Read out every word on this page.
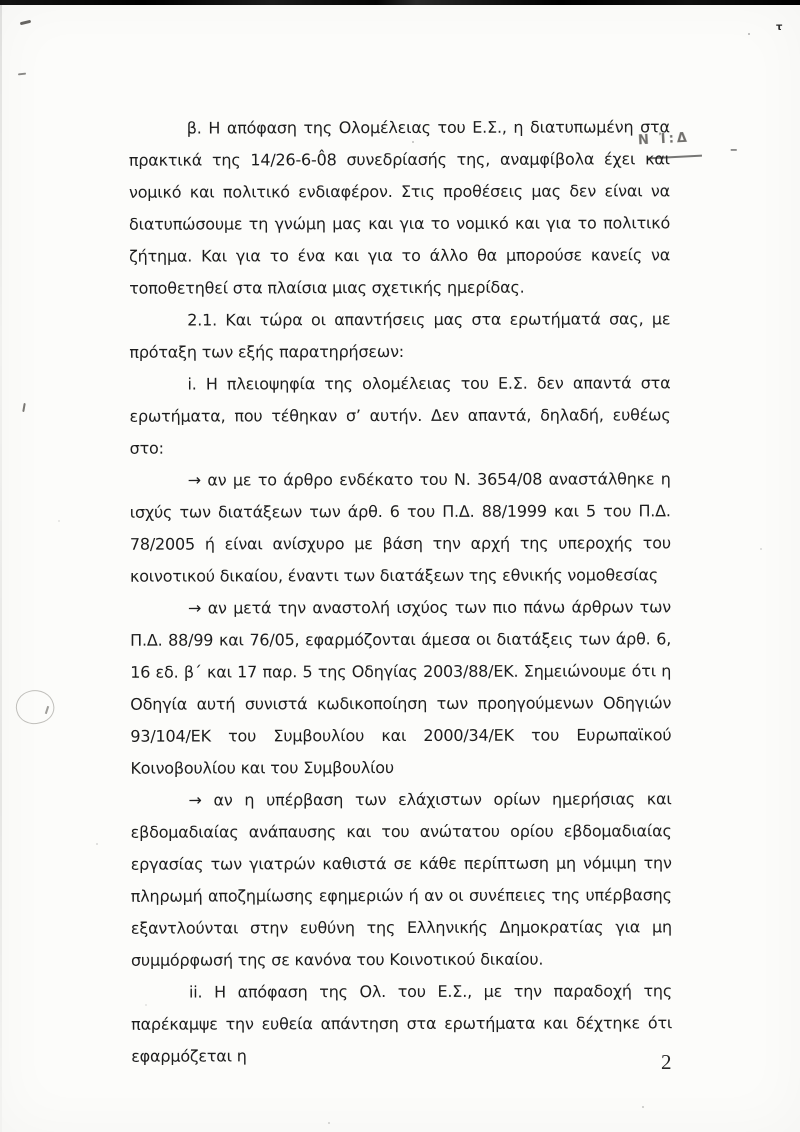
τ
Ν Ἰ:Δ
–

β. Η απόφαση της Ολομέλειας του Ε.Σ., η διατυπωμένη στα πρακτικά της 14/26-6-0̂8 συνεδρίασής της, αναμφίβολα έχει και νομικό και πολιτικό ενδιαφέρον. Στις προθέσεις μας δεν είναι να διατυπώσουμε τη γνώμη μας και για το νομικό και για το πολιτικό ζήτημα. Και για το ένα και για το άλλο θα μπορούσε κανείς να τοποθετηθεί στα πλαίσια μιας σχετικής ημερίδας.

2.1. Και τώρα οι απαντήσεις μας στα ερωτήματά σας, με πρόταξη των εξής παρατηρήσεων:

i. Η πλειοψηφία της ολομέλειας του Ε.Σ. δεν απαντά στα ερωτήματα, που τέθηκαν σ’ αυτήν. Δεν απαντά, δηλαδή, ευθέως στο:

→ αν με το άρθρο ενδέκατο του Ν. 3654/08 αναστάλθηκε η ισχύς των διατάξεων των άρθ. 6 του Π.Δ. 88/1999 και 5 του Π.Δ. 78/2005 ή είναι ανίσχυρο με βάση την αρχή της υπεροχής του κοινοτικού δικαίου, έναντι των διατάξεων της εθνικής νομοθεσίας

→ αν μετά την αναστολή ισχύος των πιο πάνω άρθρων των Π.Δ. 88/99 και 76/05, εφαρμόζονται άμεσα οι διατάξεις των άρθ. 6, 16 εδ. β΄ και 17 παρ. 5 της Οδηγίας 2003/88/ΕΚ. Σημειώνουμε ότι η Οδηγία αυτή συνιστά κωδικοποίηση των προηγούμενων Οδηγιών 93/104/ΕΚ του Συμβουλίου και 2000/34/ΕΚ του Ευρωπαϊκού Κοινοβουλίου και του Συμβουλίου

→ αν η υπέρβαση των ελάχιστων ορίων ημερήσιας και εβδομαδιαίας ανάπαυσης και του ανώτατου ορίου εβδομαδιαίας εργασίας των γιατρών καθιστά σε κάθε περίπτωση μη νόμιμη την πληρωμή αποζημίωσης εφημεριών ή αν οι συνέπειες της υπέρβασης εξαντλούνται στην ευθύνη της Ελληνικής Δημοκρατίας για μη συμμόρφωσή της σε κανόνα του Κοινοτικού δικαίου.

ii. Η απόφαση της Ολ. του Ε.Σ., με την παραδοχή της παρέκαμψε την ευθεία απάντηση στα ερωτήματα και δέχτηκε ότι εφαρμόζεται η	2
